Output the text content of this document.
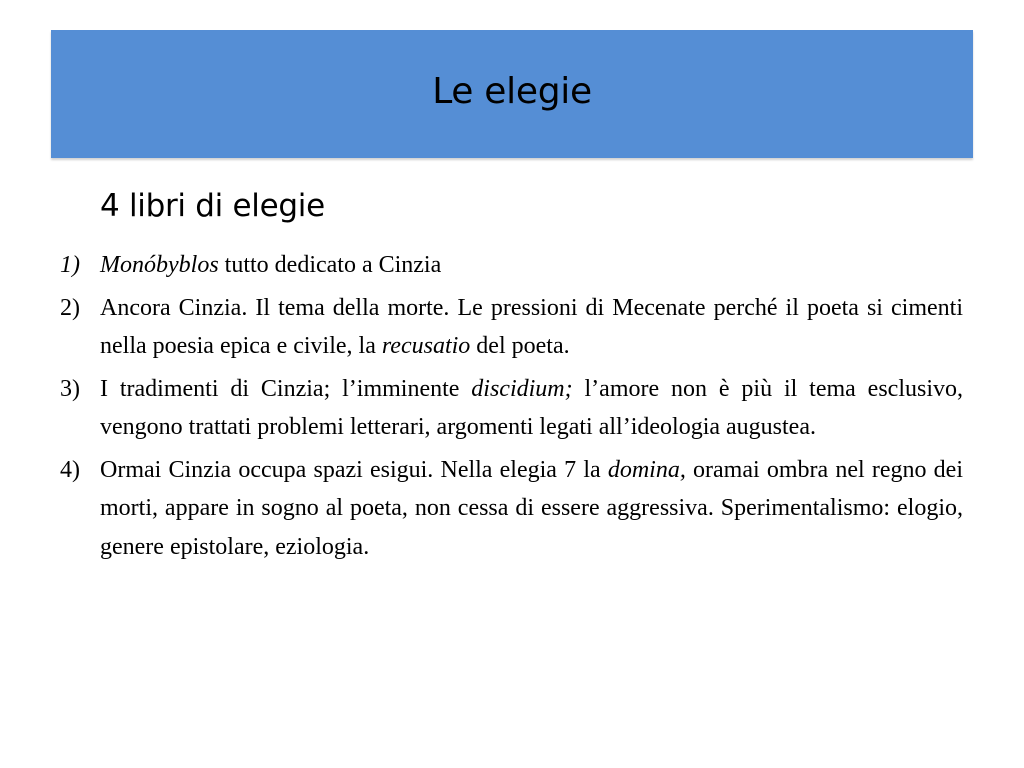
Le elegie
4 libri di elegie
1) Monóbyblos tutto dedicato a Cinzia
2) Ancora Cinzia. Il tema della morte. Le pressioni di Mecenate perché il poeta si cimenti nella poesia epica e civile, la recusatio del poeta.
3) I tradimenti di Cinzia; l’imminente discidium; l’amore non è più il tema esclusivo, vengono trattati problemi letterari, argomenti legati all’ideologia augustea.
4) Ormai Cinzia occupa spazi esigui. Nella elegia 7 la domina, oramai ombra nel regno dei morti, appare in sogno al poeta, non cessa di essere aggressiva. Sperimentalismo: elogio, genere epistolare, eziologia.
